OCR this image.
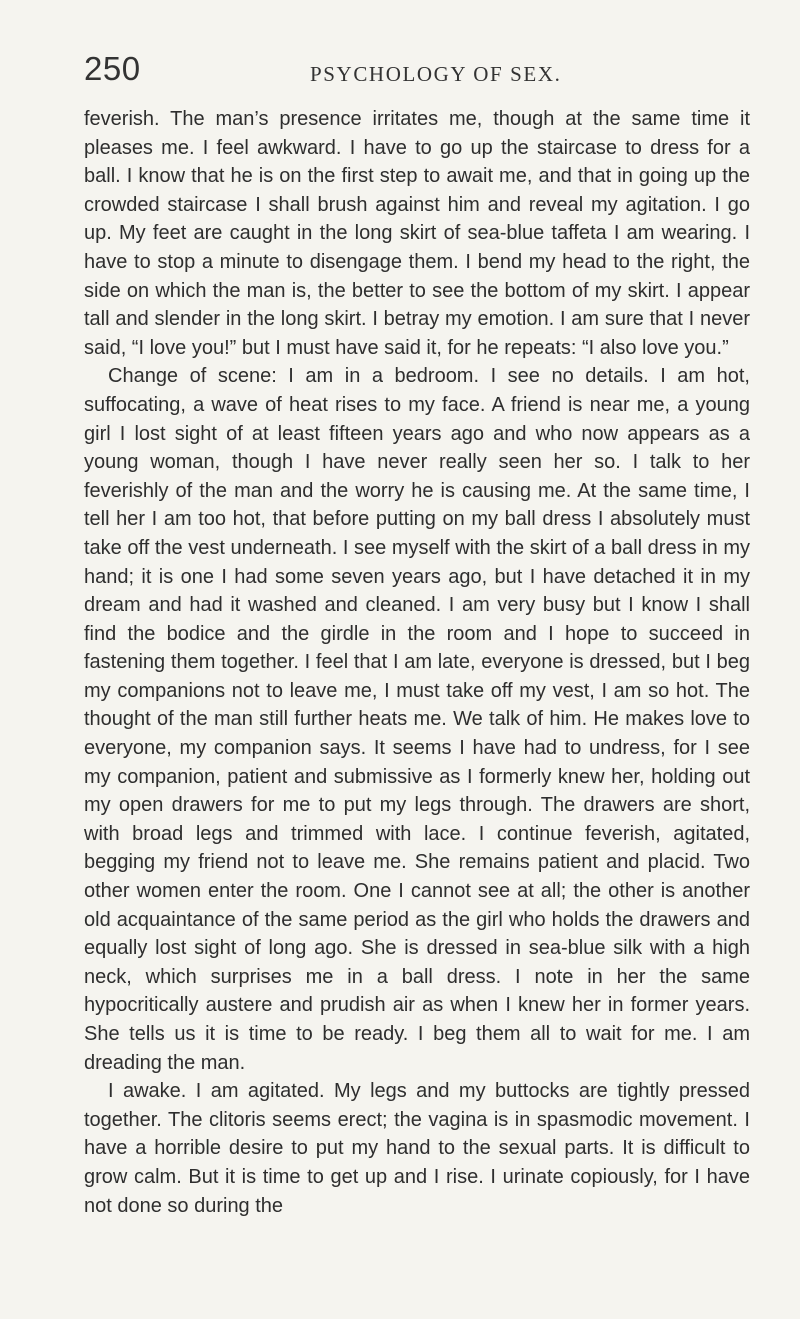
250	PSYCHOLOGY OF SEX.

feverish. The man’s presence irritates me, though at the same time it pleases me. I feel awkward. I have to go up the staircase to dress for a ball. I know that he is on the first step to await me, and that in going up the crowded staircase I shall brush against him and reveal my agitation. I go up. My feet are caught in the long skirt of sea-blue taffeta I am wearing. I have to stop a minute to disengage them. I bend my head to the right, the side on which the man is, the better to see the bottom of my skirt. I appear tall and slender in the long skirt. I betray my emotion. I am sure that I never said, “I love you!” but I must have said it, for he repeats: “I also love you.”

Change of scene: I am in a bedroom. I see no details. I am hot, suffocating, a wave of heat rises to my face. A friend is near me, a young girl I lost sight of at least fifteen years ago and who now appears as a young woman, though I have never really seen her so. I talk to her feverishly of the man and the worry he is causing me. At the same time, I tell her I am too hot, that before putting on my ball dress I absolutely must take off the vest underneath. I see myself with the skirt of a ball dress in my hand; it is one I had some seven years ago, but I have detached it in my dream and had it washed and cleaned. I am very busy but I know I shall find the bodice and the girdle in the room and I hope to succeed in fastening them together. I feel that I am late, everyone is dressed, but I beg my companions not to leave me, I must take off my vest, I am so hot. The thought of the man still further heats me. We talk of him. He makes love to everyone, my companion says. It seems I have had to undress, for I see my companion, patient and submissive as I formerly knew her, holding out my open drawers for me to put my legs through. The drawers are short, with broad legs and trimmed with lace. I continue feverish, agitated, begging my friend not to leave me. She remains patient and placid. Two other women enter the room. One I cannot see at all; the other is another old acquaintance of the same period as the girl who holds the drawers and equally lost sight of long ago. She is dressed in sea-blue silk with a high neck, which surprises me in a ball dress. I note in her the same hypocritically austere and prudish air as when I knew her in former years. She tells us it is time to be ready. I beg them all to wait for me. I am dreading the man.

I awake. I am agitated. My legs and my buttocks are tightly pressed together. The clitoris seems erect; the vagina is in spasmodic movement. I have a horrible desire to put my hand to the sexual parts. It is difficult to grow calm. But it is time to get up and I rise. I urinate copiously, for I have not done so during the
